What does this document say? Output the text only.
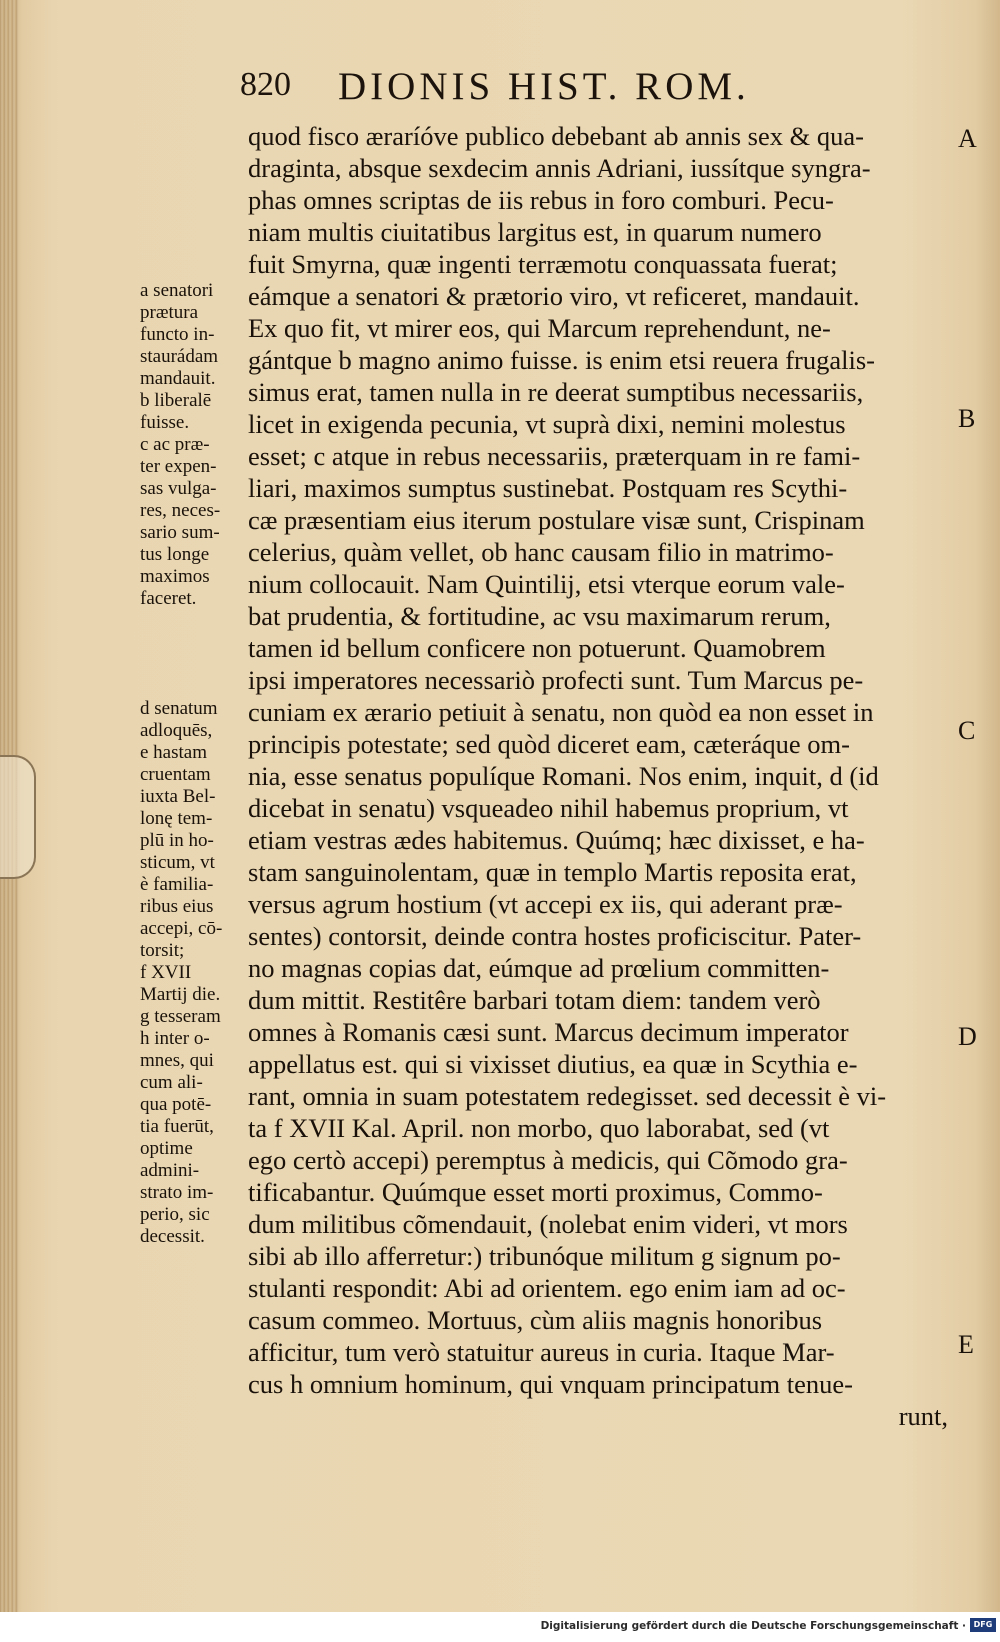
820 DIONIS HIST. ROM.
quod fisco æraríóve publico debebant ab annis sex & qua-
draginta, absque sexdecim annis Adriani, iussítque syngra-
phas omnes scriptas de iis rebus in foro comburi. Pecu-
niam multis ciuitatibus largitus est, in quarum numero
fuit Smyrna, quæ ingenti terræmotu conquassata fuerat;
eámque a senatori & prætorio viro, vt reficeret, mandauit.
Ex quo fit, vt mirer eos, qui Marcum reprehendunt, ne-
gántque b magno animo fuisse. is enim etsi reuera frugalis-
simus erat, tamen nulla in re deerat sumptibus necessariis,
licet in exigenda pecunia, vt suprà dixi, nemini molestus
esset; c atque in rebus necessariis, præterquam in re fami-
liari, maximos sumptus sustinebat. Postquam res Scythi-
cæ præsentiam eius iterum postulare visæ sunt, Crispinam
celerius, quàm vellet, ob hanc causam filio in matrimo-
nium collocauit. Nam Quintilij, etsi vterque eorum vale-
bat prudentia, & fortitudine, ac vsu maximarum rerum,
tamen id bellum conficere non potuerunt. Quamobrem
ipsi imperatores necessariò profecti sunt. Tum Marcus pe-
cuniam ex ærario petiuit à senatu, non quòd ea non esset in
principis potestate; sed quòd diceret eam, cæteráque om-
nia, esse senatus populíque Romani. Nos enim, inquit, d (id
dicebat in senatu) vsqueadeo nihil habemus proprium, vt
etiam vestras ædes habitemus. Quúmq; hæc dixisset, e ha-
stam sanguinolentam, quæ in templo Martis reposita erat,
versus agrum hostium (vt accepi ex iis, qui aderant præ-
sentes) contorsit, deinde contra hostes proficiscitur. Pater-
no magnas copias dat, eúmque ad prœlium committen-
dum mittit. Restitêre barbari totam diem: tandem verò
omnes à Romanis cæsi sunt. Marcus decimum imperator
appellatus est. qui si vixisset diutius, ea quæ in Scythia e-
rant, omnia in suam potestatem redegisset. sed decessit è vi-
ta f XVII Kal. April. non morbo, quo laborabat, sed (vt
ego certò accepi) peremptus à medicis, qui Cõmodo gra-
tificabantur. Quúmque esset morti proximus, Commo-
dum militibus cõmendauit, (nolebat enim videri, vt mors
sibi ab illo afferretur:) tribunóque militum g signum po-
stulanti respondit: Abi ad orientem. ego enim iam ad oc-
casum commeo. Mortuus, cùm aliis magnis honoribus
afficitur, tum verò statuitur aureus in curia. Itaque Mar-
cus h omnium hominum, qui vnquam principatum tenue-
runt,
a senatori
prætura
functo in-
staurádam
mandauit.
b liberalē
fuisse.
c ac præ-
ter expen-
sas vulga-
res, neces-
sario sum-
tus longe
maximos
faceret.
d senatum
adloquēs,
e hastam
cruentam
iuxta Bel-
lonę tem-
plū in ho-
sticum, vt
è familia-
ribus eius
accepi, cō-
torsit;
f XVII
Martij die.
g tesseram
h inter o-
mnes, qui
cum ali-
qua potē-
tia fuerūt,
optime
admini-
strato im-
perio, sic
decessit.
A
B
C
D
E
Digitalisierung gefördert durch die Deutsche Forschungsgemeinschaft · DFG
